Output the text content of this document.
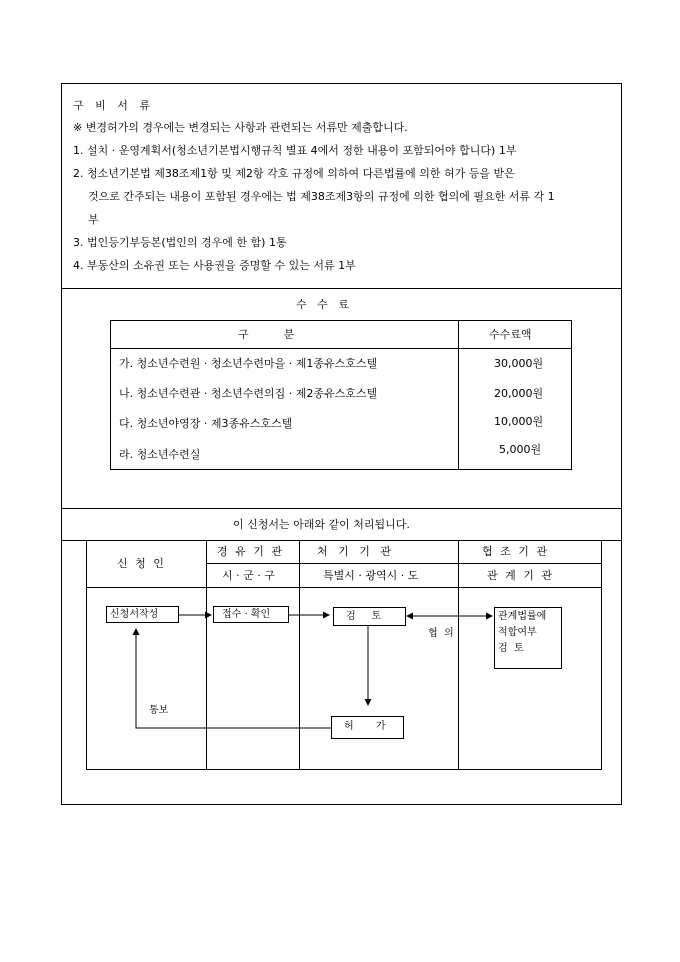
구 비 서 류
※ 변경허가의 경우에는 변경되는 사항과 관련되는 서류만 제출합니다.
1. 설치 · 운영계획서(청소년기본법시행규칙 별표 4에서 정한 내용이 포함되어야 합니다) 1부
2. 청소년기본법 제38조제1항 및 제2항 각호 규정에 의하여 다른법률에 의한 허가 등을 받은
것으로 간주되는 내용이 포함된 경우에는 법 제38조제3항의 규정에 의한 협의에 필요한 서류 각 1
부
3. 법인등기부등본(법인의 경우에 한 함) 1통
4. 부동산의 소유권 또는 사용권을 증명할 수 있는 서류 1부
수   수   료
구          분	수수료액
가. 청소년수련원 · 청소년수련마을 · 제1종유스호스텔	30,000원
나. 청소년수련관 · 청소년수련의집 · 제2종유스호스텔	20,000원
다. 청소년야영장 · 제3종유스호스텔	10,000원
라. 청소년수련실	5,000원
이 신청서는 아래와 같이 처리됩니다.
신 청 인
경 유 기 관
시 · 군 · 구
처   기   기   관
특별시 · 광역시 · 도
협 조 기 관
관 계 기 관
신청서작성	접수 · 확인	검     토	관계법률에
적합여부
검  토
허       가
협  의
통보
